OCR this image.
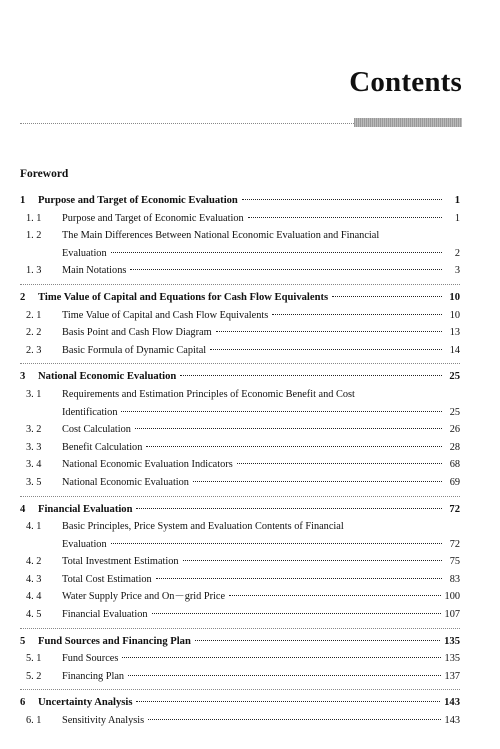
Contents
Foreword
1	Purpose and Target of Economic Evaluation	1
1. 1	Purpose and Target of Economic Evaluation	1
1. 2	The Main Differences Between National Economic Evaluation and Financial
Evaluation	2
1. 3	Main Notations	3
2	Time Value of Capital and Equations for Cash Flow Equivalents	10
2. 1	Time Value of Capital and Cash Flow Equivalents	10
2. 2	Basis Point and Cash Flow Diagram	13
2. 3	Basic Formula of Dynamic Capital	14
3	National Economic Evaluation	25
3. 1	Requirements and Estimation Principles of Economic Benefit and Cost
Identification	25
3. 2	Cost Calculation	26
3. 3	Benefit Calculation	28
3. 4	National Economic Evaluation Indicators	68
3. 5	National Economic Evaluation	69
4	Financial Evaluation	72
4. 1	Basic Principles, Price System and Evaluation Contents of Financial
Evaluation	72
4. 2	Total Investment Estimation	75
4. 3	Total Cost Estimation	83
4. 4	Water Supply Price and On－grid Price	100
4. 5	Financial Evaluation	107
5	Fund Sources and Financing Plan	135
5. 1	Fund Sources	135
5. 2	Financing Plan	137
6	Uncertainty Analysis	143
6. 1	Sensitivity Analysis	143
